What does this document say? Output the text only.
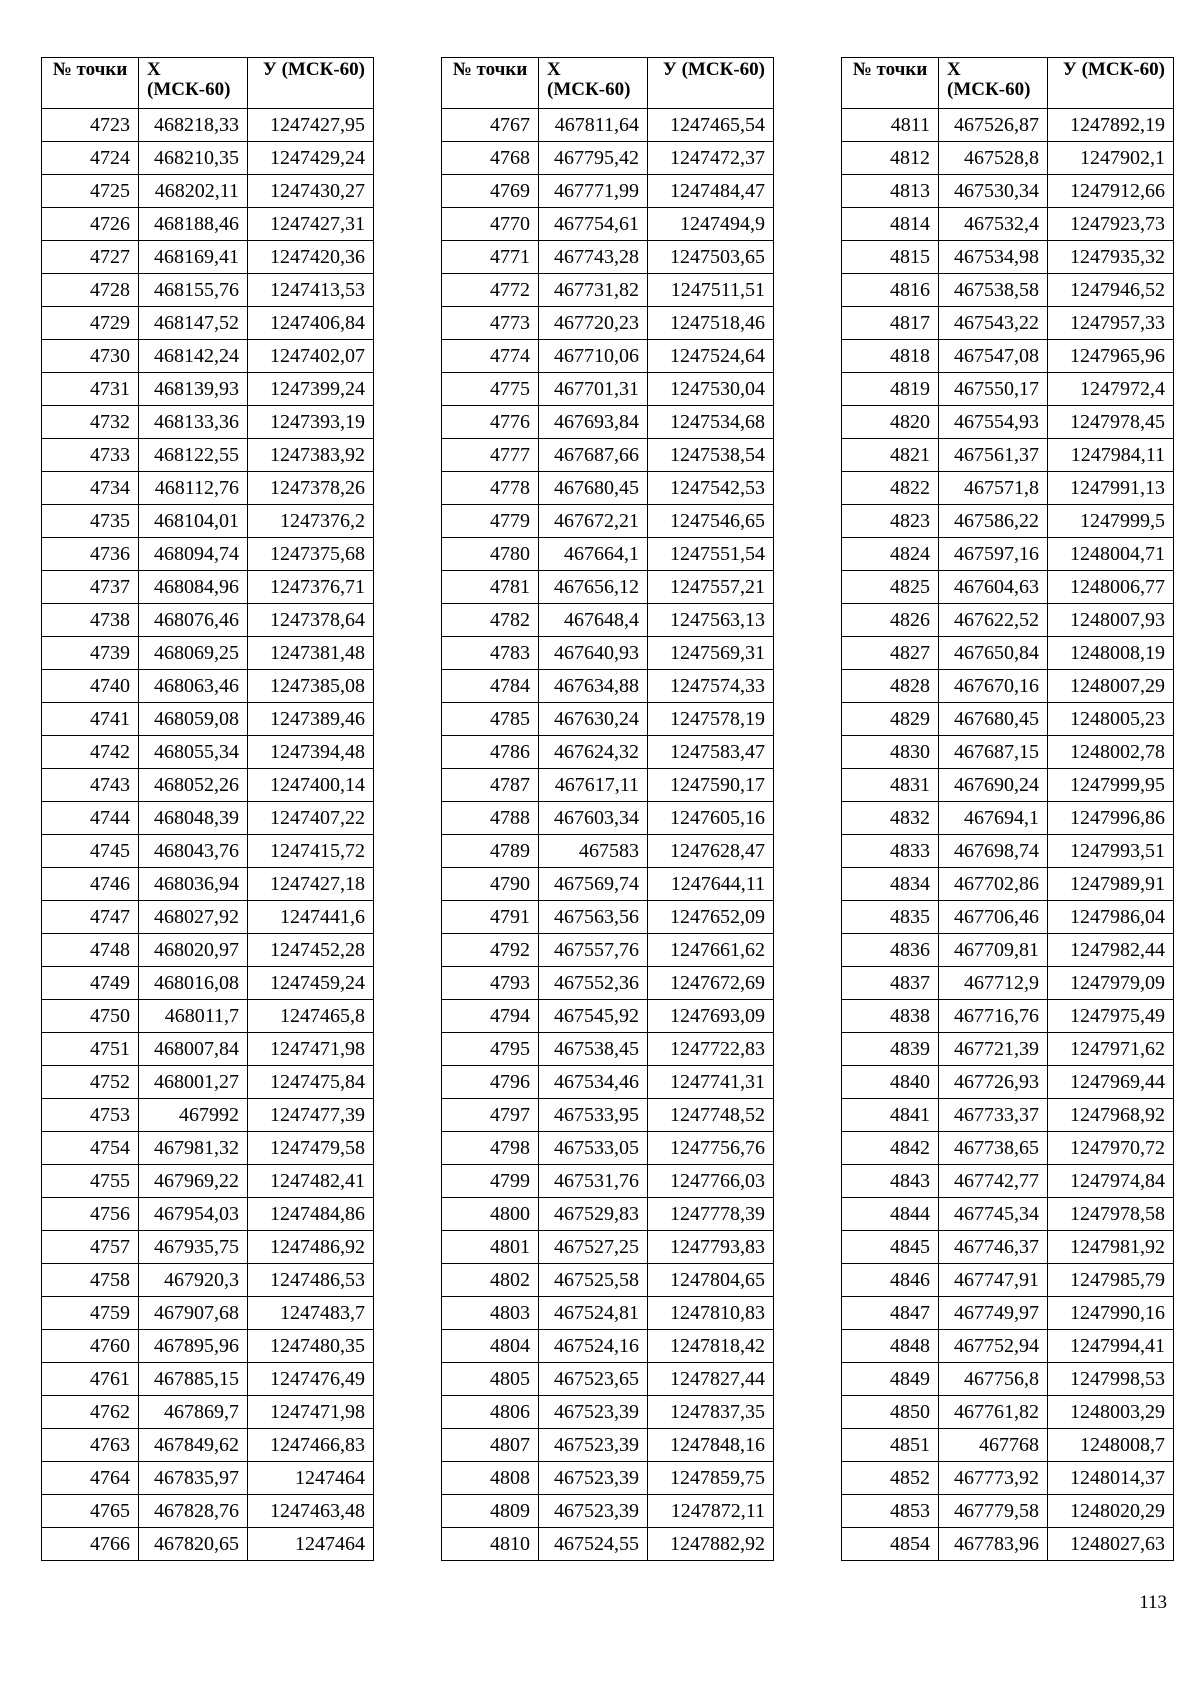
№ точки	Х (МСК-60)	У (МСК-60)
4723	468218,33	1247427,95
4724	468210,35	1247429,24
4725	468202,11	1247430,27
4726	468188,46	1247427,31
4727	468169,41	1247420,36
4728	468155,76	1247413,53
4729	468147,52	1247406,84
4730	468142,24	1247402,07
4731	468139,93	1247399,24
4732	468133,36	1247393,19
4733	468122,55	1247383,92
4734	468112,76	1247378,26
4735	468104,01	1247376,2
4736	468094,74	1247375,68
4737	468084,96	1247376,71
4738	468076,46	1247378,64
4739	468069,25	1247381,48
4740	468063,46	1247385,08
4741	468059,08	1247389,46
4742	468055,34	1247394,48
4743	468052,26	1247400,14
4744	468048,39	1247407,22
4745	468043,76	1247415,72
4746	468036,94	1247427,18
4747	468027,92	1247441,6
4748	468020,97	1247452,28
4749	468016,08	1247459,24
4750	468011,7	1247465,8
4751	468007,84	1247471,98
4752	468001,27	1247475,84
4753	467992	1247477,39
4754	467981,32	1247479,58
4755	467969,22	1247482,41
4756	467954,03	1247484,86
4757	467935,75	1247486,92
4758	467920,3	1247486,53
4759	467907,68	1247483,7
4760	467895,96	1247480,35
4761	467885,15	1247476,49
4762	467869,7	1247471,98
4763	467849,62	1247466,83
4764	467835,97	1247464
4765	467828,76	1247463,48
4766	467820,65	1247464
№ точки	Х (МСК-60)	У (МСК-60)
4767	467811,64	1247465,54
4768	467795,42	1247472,37
4769	467771,99	1247484,47
4770	467754,61	1247494,9
4771	467743,28	1247503,65
4772	467731,82	1247511,51
4773	467720,23	1247518,46
4774	467710,06	1247524,64
4775	467701,31	1247530,04
4776	467693,84	1247534,68
4777	467687,66	1247538,54
4778	467680,45	1247542,53
4779	467672,21	1247546,65
4780	467664,1	1247551,54
4781	467656,12	1247557,21
4782	467648,4	1247563,13
4783	467640,93	1247569,31
4784	467634,88	1247574,33
4785	467630,24	1247578,19
4786	467624,32	1247583,47
4787	467617,11	1247590,17
4788	467603,34	1247605,16
4789	467583	1247628,47
4790	467569,74	1247644,11
4791	467563,56	1247652,09
4792	467557,76	1247661,62
4793	467552,36	1247672,69
4794	467545,92	1247693,09
4795	467538,45	1247722,83
4796	467534,46	1247741,31
4797	467533,95	1247748,52
4798	467533,05	1247756,76
4799	467531,76	1247766,03
4800	467529,83	1247778,39
4801	467527,25	1247793,83
4802	467525,58	1247804,65
4803	467524,81	1247810,83
4804	467524,16	1247818,42
4805	467523,65	1247827,44
4806	467523,39	1247837,35
4807	467523,39	1247848,16
4808	467523,39	1247859,75
4809	467523,39	1247872,11
4810	467524,55	1247882,92
№ точки	Х (МСК-60)	У (МСК-60)
4811	467526,87	1247892,19
4812	467528,8	1247902,1
4813	467530,34	1247912,66
4814	467532,4	1247923,73
4815	467534,98	1247935,32
4816	467538,58	1247946,52
4817	467543,22	1247957,33
4818	467547,08	1247965,96
4819	467550,17	1247972,4
4820	467554,93	1247978,45
4821	467561,37	1247984,11
4822	467571,8	1247991,13
4823	467586,22	1247999,5
4824	467597,16	1248004,71
4825	467604,63	1248006,77
4826	467622,52	1248007,93
4827	467650,84	1248008,19
4828	467670,16	1248007,29
4829	467680,45	1248005,23
4830	467687,15	1248002,78
4831	467690,24	1247999,95
4832	467694,1	1247996,86
4833	467698,74	1247993,51
4834	467702,86	1247989,91
4835	467706,46	1247986,04
4836	467709,81	1247982,44
4837	467712,9	1247979,09
4838	467716,76	1247975,49
4839	467721,39	1247971,62
4840	467726,93	1247969,44
4841	467733,37	1247968,92
4842	467738,65	1247970,72
4843	467742,77	1247974,84
4844	467745,34	1247978,58
4845	467746,37	1247981,92
4846	467747,91	1247985,79
4847	467749,97	1247990,16
4848	467752,94	1247994,41
4849	467756,8	1247998,53
4850	467761,82	1248003,29
4851	467768	1248008,7
4852	467773,92	1248014,37
4853	467779,58	1248020,29
4854	467783,96	1248027,63
113
